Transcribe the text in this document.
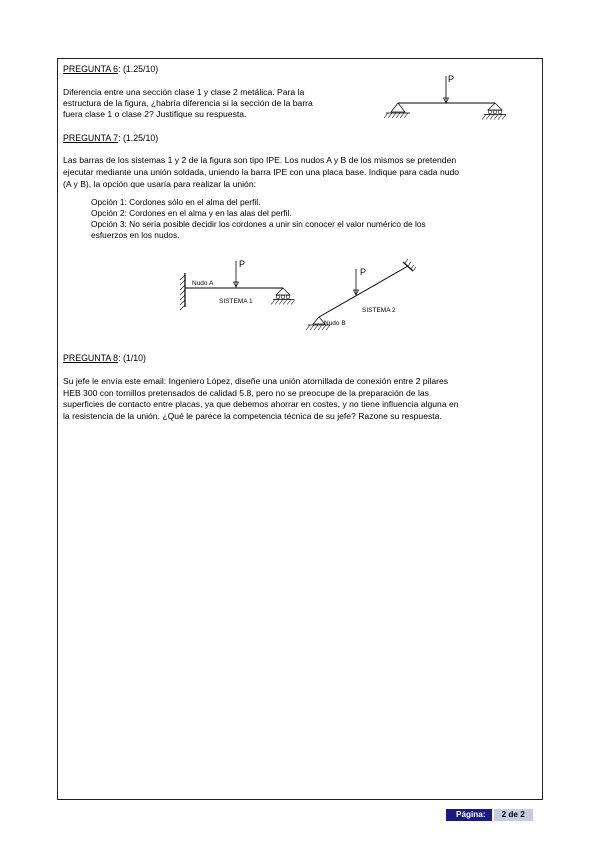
PREGUNTA 6: (1.25/10)

Diferencia entre una sección clase 1 y clase 2 metálica. Para la

estructura de la figura, ¿habría diferencia si la sección de la barra

fuera clase 1 o clase 2? Justifique su respuesta.

P

PREGUNTA 7: (1.25/10)

Las barras de los sistemas 1 y 2 de la figura son tipo IPE. Los nudos A y B de los mismos se pretenden

ejecutar mediante una unión soldada, uniendo la barra IPE con una placa base. Indique para cada nudo

(A y B), la opción que usaría para realizar la unión:

Opción 1: Cordones sólo en el alma del perfil.

Opción 2: Cordones en el alma y en las alas del perfil.

Opción 3: No sería posible decidir los cordones a unir sin conocer el valor numérico de los

esfuerzos en los nudos.

Nudo A
P
SISTEMA 1
P
SISTEMA 2
Nudo B

PREGUNTA 8: (1/10)

Su jefe le envía este email: Ingeniero López, diseñe una unión atornillada de conexión entre 2 pilares

HEB 300 con tornillos pretensados de calidad 5.8, pero no se preocupe de la preparación de las

superficies de contacto entre placas, ya que debemos ahorrar en costes, y no tiene influencia alguna en

la resistencia de la unión. ¿Qué le parece la competencia técnica de su jefe? Razone su respuesta.

Página:	2 de 2
